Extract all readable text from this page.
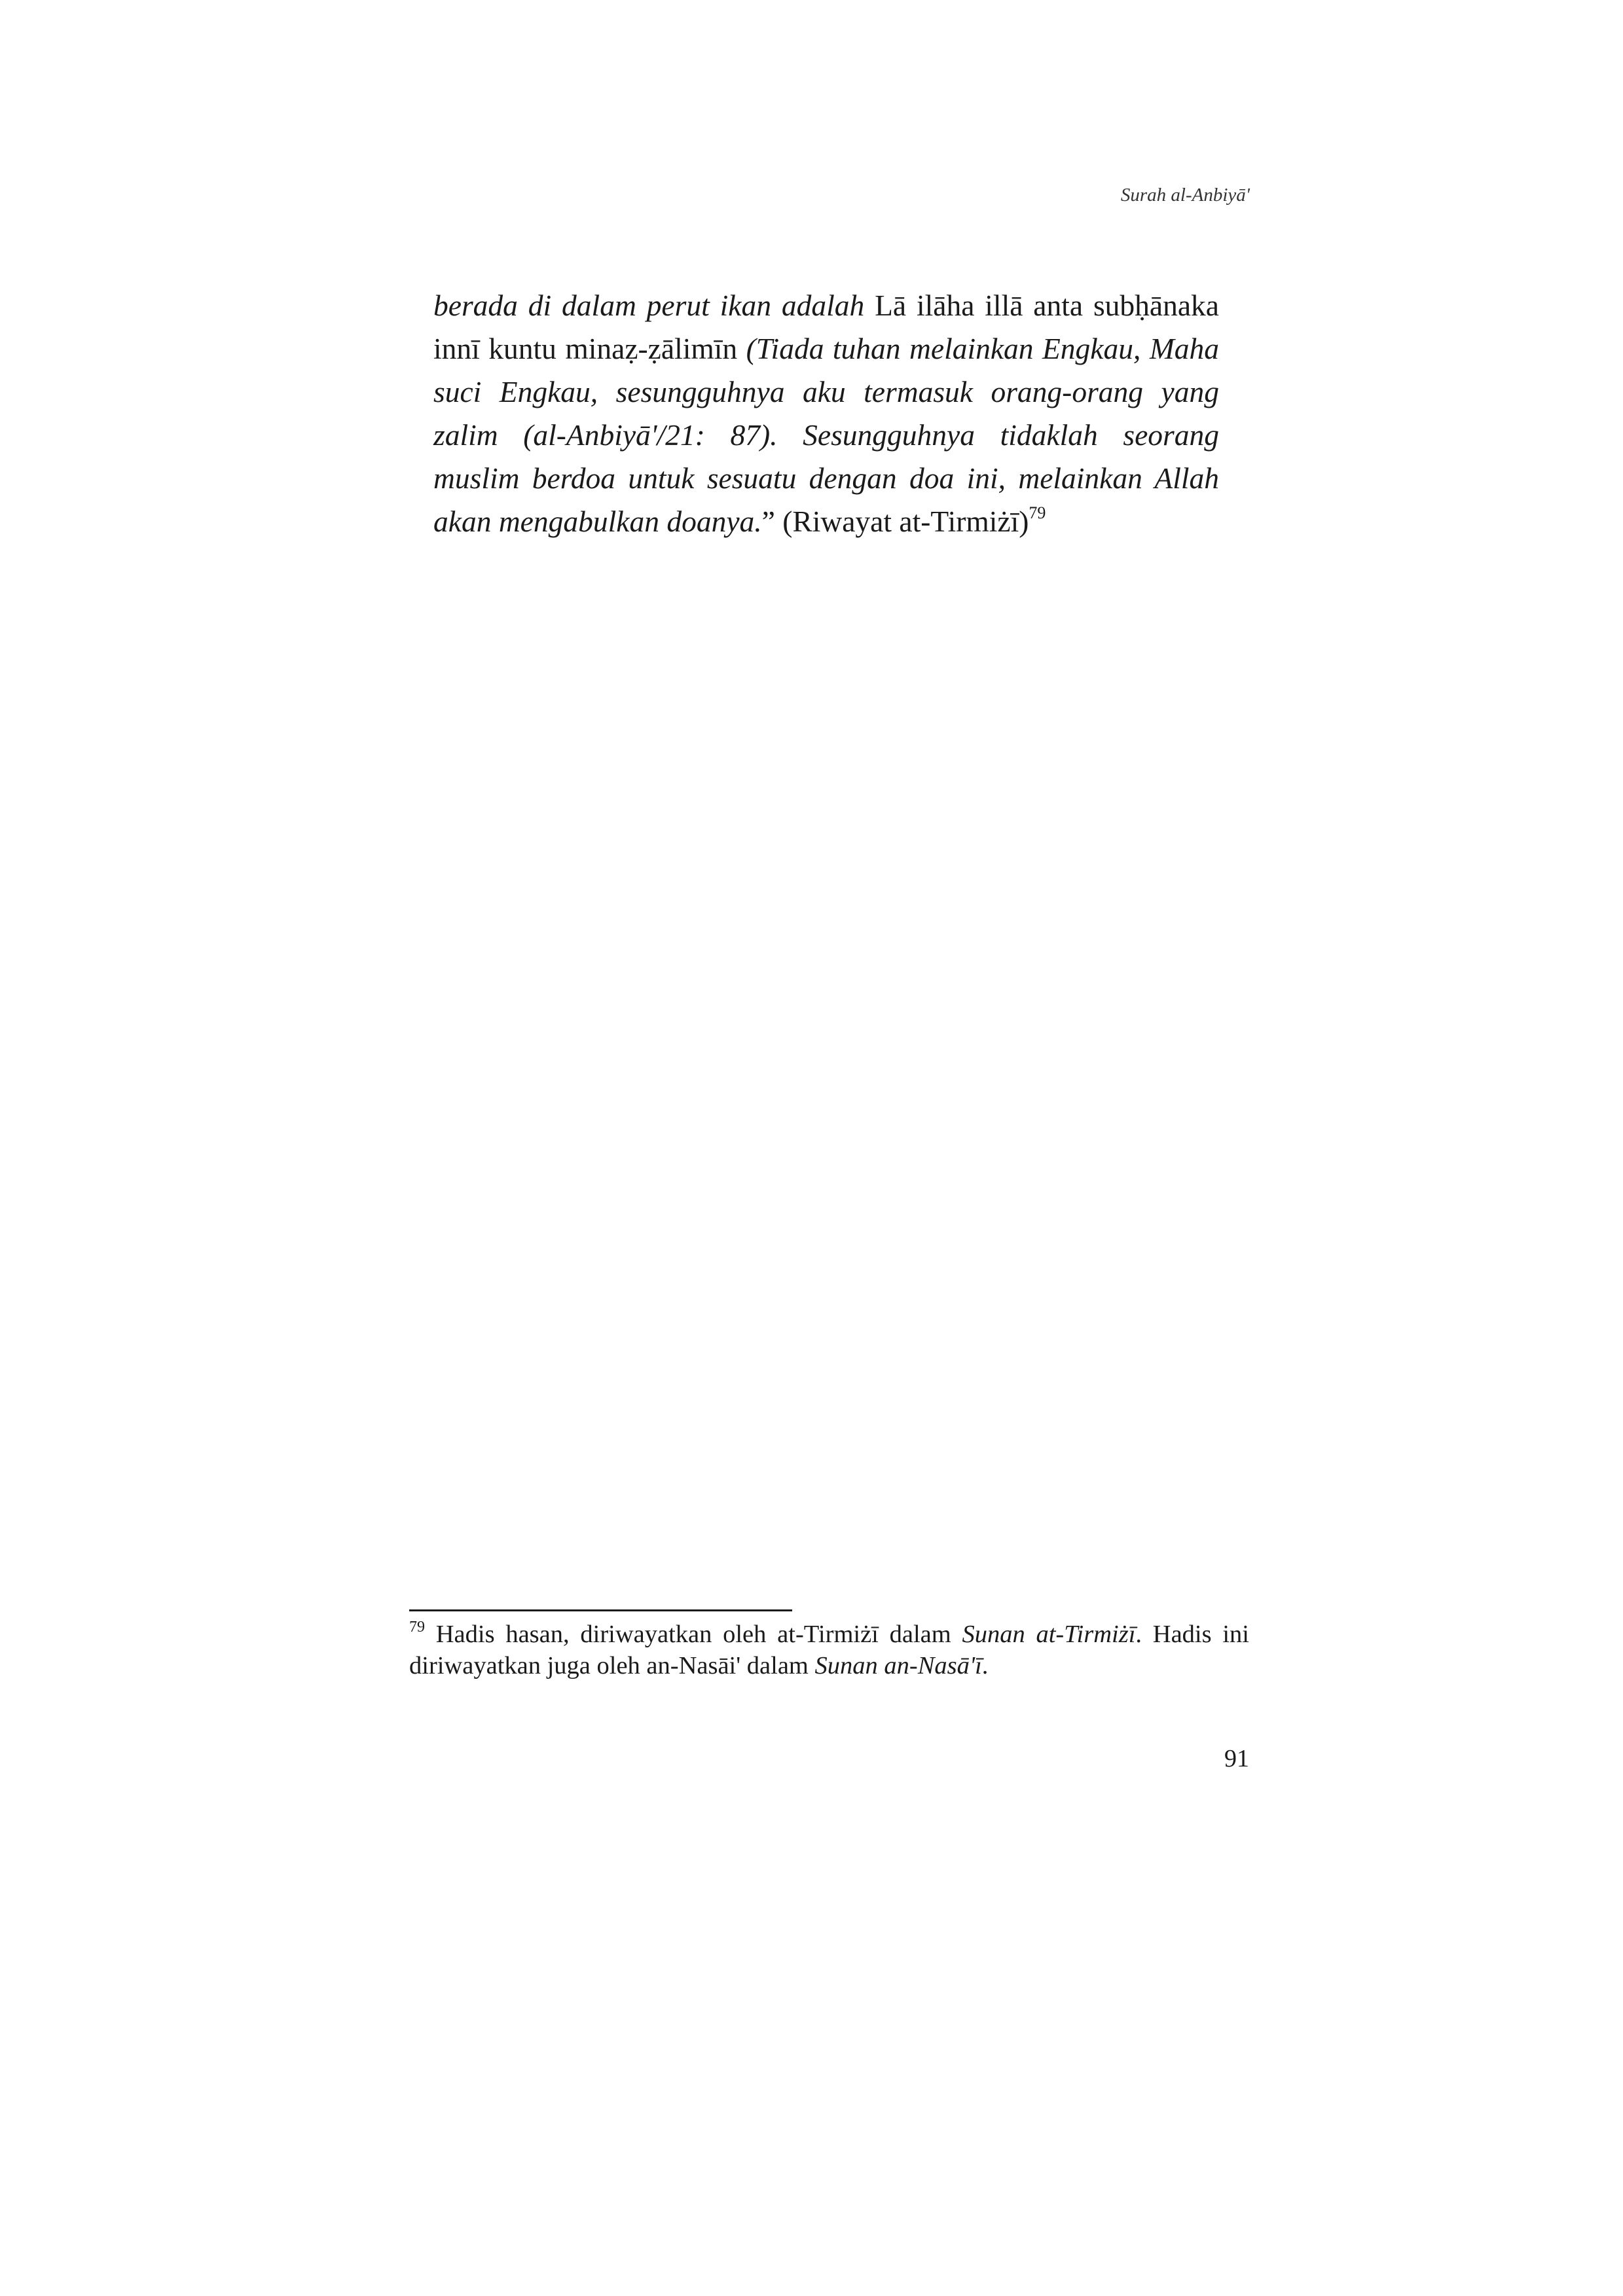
Surah al-Anbiyā'

berada di dalam perut ikan adalah Lā ilāha illā anta subḥānaka innī kuntu minaẓ-ẓālimīn (Tiada tuhan melainkan Engkau, Maha suci Engkau, sesungguhnya aku termasuk orang-orang yang zalim (al-Anbiyā'/21: 87). Sesungguhnya tidaklah seorang muslim berdoa untuk sesuatu dengan doa ini, melainkan Allah akan mengabulkan doanya.” (Riwayat at-Tirmiżī)$^{79}$

$^{79}$ Hadis hasan, diriwayatkan oleh at-Tirmiżī dalam Sunan at-Tirmiżī. Hadis ini diriwayatkan juga oleh an-Nasāi' dalam Sunan an-Nasā'ī.

91
